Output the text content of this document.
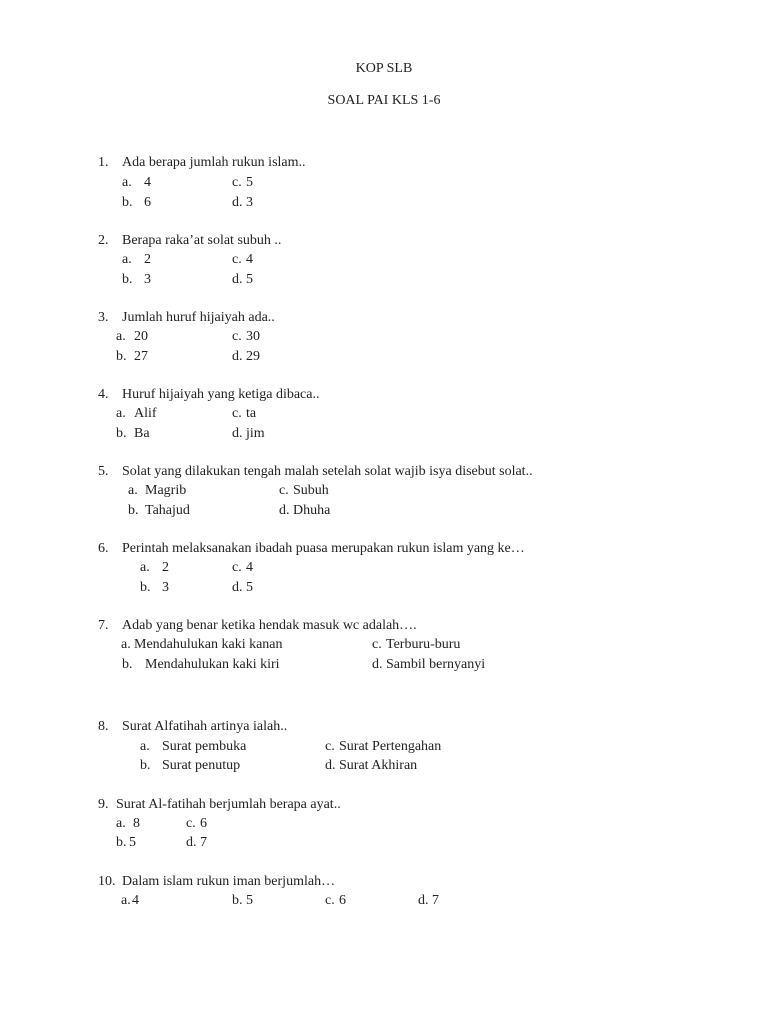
KOP SLB
SOAL PAI KLS 1-6
1. Ada berapa jumlah rukun islam..
a. 4
b. 6
c. 5
d. 3
2. Berapa raka’at solat subuh ..
a. 2
b. 3
c. 4
d. 5
3. Jumlah huruf hijaiyah ada..
a. 20
b. 27
c. 30
d. 29
4. Huruf hijaiyah yang ketiga dibaca..
a. Alif
b. Ba
c. ta
d. jim
5. Solat yang dilakukan tengah malah setelah solat wajib isya disebut solat..
a. Magrib
b. Tahajud
c. Subuh
d. Dhuha
6. Perintah melaksanakan ibadah puasa merupakan rukun islam yang ke…
a. 2
b. 3
c. 4
d. 5
7. Adab yang benar ketika hendak masuk wc adalah….
a. Mendahulukan kaki kanan
b. Mendahulukan kaki kiri
c. Terburu-buru
d. Sambil bernyanyi
8. Surat Alfatihah artinya ialah..
a. Surat pembuka
b. Surat penutup
c. Surat Pertengahan
d. Surat Akhiran
9. Surat Al-fatihah berjumlah berapa ayat..
a. 8
b. 5
c. 6
d. 7
10. Dalam islam rukun iman berjumlah…
a. 4	b. 5	c. 6	d. 7
